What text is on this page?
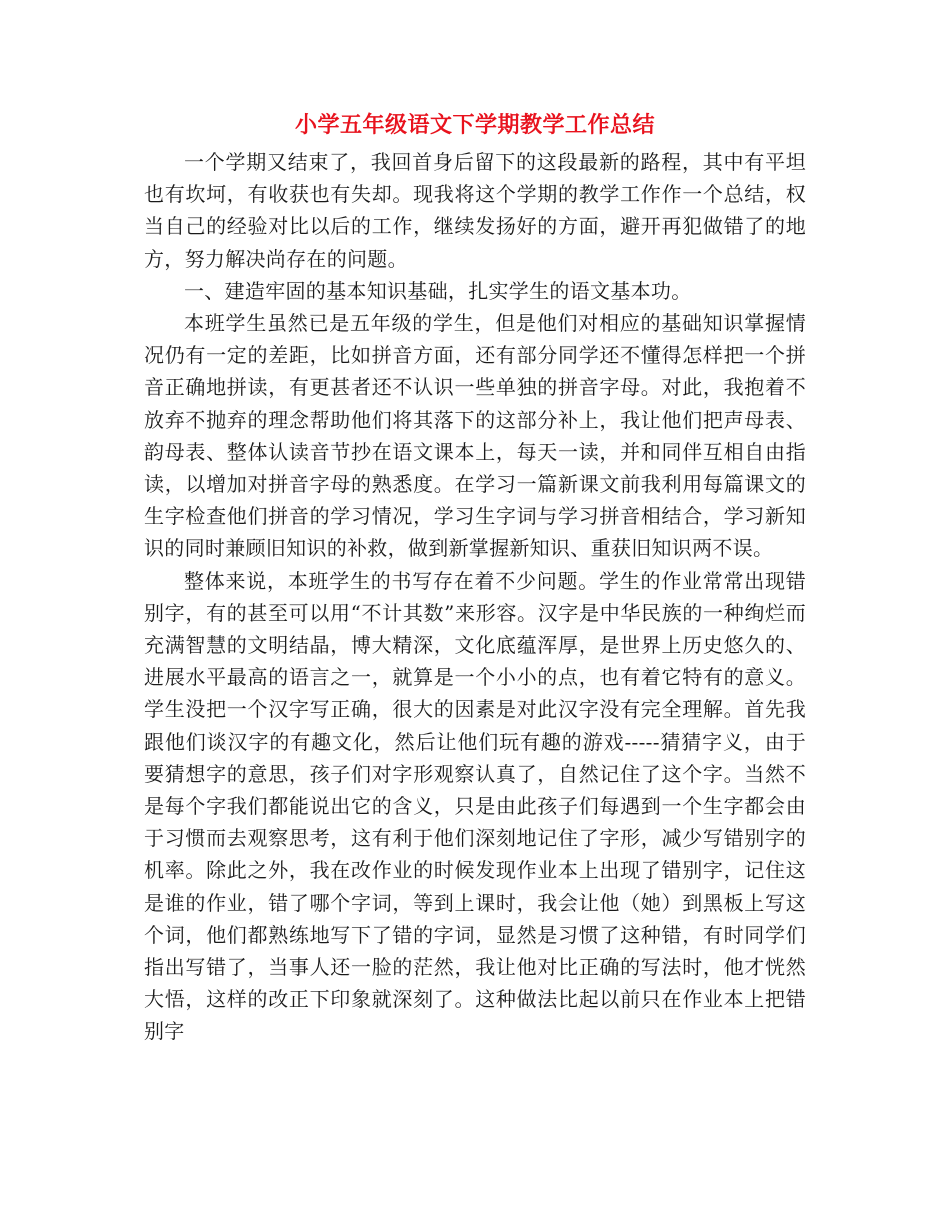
小学五年级语文下学期教学工作总结

一个学期又结束了，我回首身后留下的这段最新的路程，其中有平坦也有坎坷，有收获也有失却。现我将这个学期的教学工作作一个总结，权当自己的经验对比以后的工作，继续发扬好的方面，避开再犯做错了的地方，努力解决尚存在的问题。

一、建造牢固的基本知识基础，扎实学生的语文基本功。

本班学生虽然已是五年级的学生，但是他们对相应的基础知识掌握情况仍有一定的差距，比如拼音方面，还有部分同学还不懂得怎样把一个拼音正确地拼读，有更甚者还不认识一些单独的拼音字母。对此，我抱着不放弃不抛弃的理念帮助他们将其落下的这部分补上，我让他们把声母表、韵母表、整体认读音节抄在语文课本上，每天一读，并和同伴互相自由指读，以增加对拼音字母的熟悉度。在学习一篇新课文前我利用每篇课文的生字检查他们拼音的学习情况，学习生字词与学习拼音相结合，学习新知识的同时兼顾旧知识的补救，做到新掌握新知识、重获旧知识两不误。

整体来说，本班学生的书写存在着不少问题。学生的作业常常出现错别字，有的甚至可以用“不计其数”来形容。汉字是中华民族的一种绚烂而充满智慧的文明结晶，博大精深，文化底蕴浑厚，是世界上历史悠久的、进展水平最高的语言之一，就算是一个小小的点，也有着它特有的意义。学生没把一个汉字写正确，很大的因素是对此汉字没有完全理解。首先我跟他们谈汉字的有趣文化，然后让他们玩有趣的游戏-----猜猜字义，由于要猜想字的意思，孩子们对字形观察认真了，自然记住了这个字。当然不是每个字我们都能说出它的含义，只是由此孩子们每遇到一个生字都会由于习惯而去观察思考，这有利于他们深刻地记住了字形，减少写错别字的机率。除此之外，我在改作业的时候发现作业本上出现了错别字，记住这是谁的作业，错了哪个字词，等到上课时，我会让他（她）到黑板上写这个词，他们都熟练地写下了错的字词，显然是习惯了这种错，有时同学们指出写错了，当事人还一脸的茫然，我让他对比正确的写法时，他才恍然大悟，这样的改正下印象就深刻了。这种做法比起以前只在作业本上把错别字
